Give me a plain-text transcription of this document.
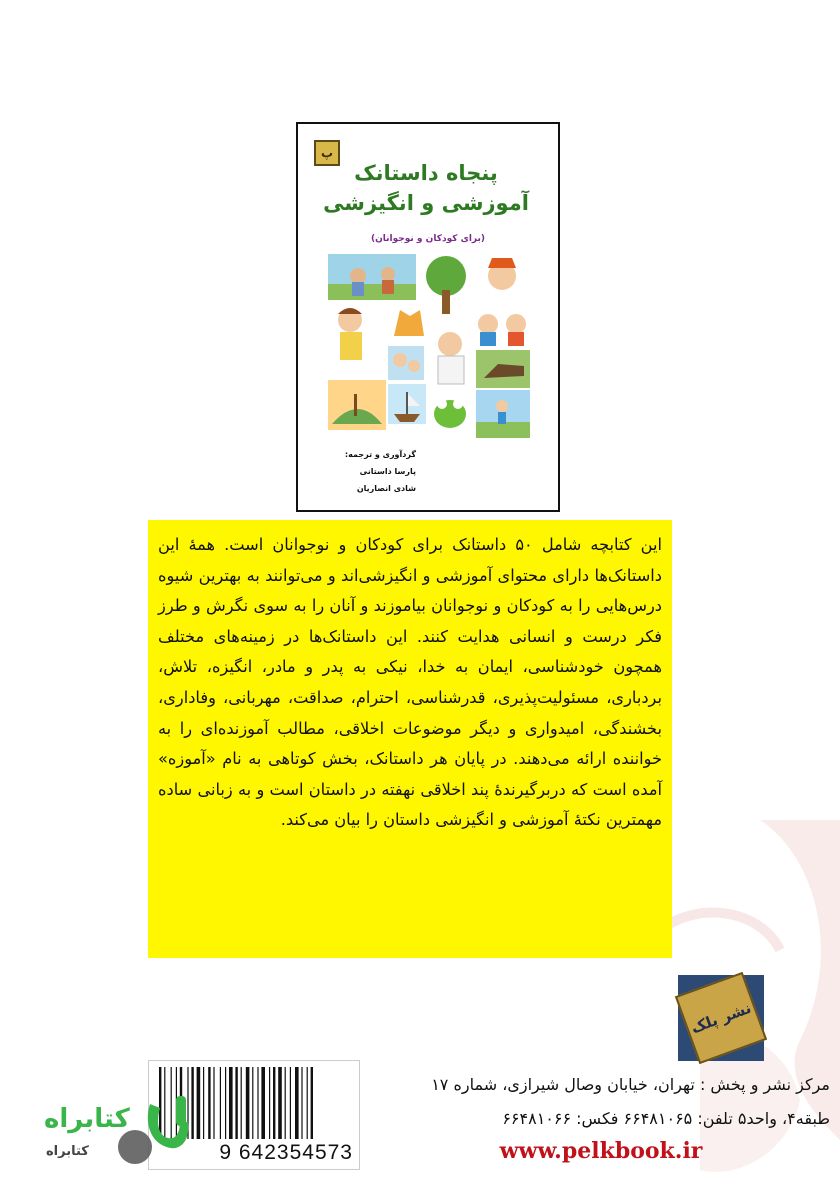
پ
پنجاه داستانک
آموزشی و انگیزشی
(برای کودکان و نوجوانان)
گردآوری و ترجمه:
پارسا داستانی
شادی انصاریان

این کتابچه شامل ۵۰ داستانک برای کودکان و نوجوانان است. همهٔ این داستانک‌ها دارای محتوای آموزشی و انگیزشی‌اند و می‌توانند به بهترین شیوه درس‌هایی را به کودکان و نوجوانان بیاموزند و آنان را به سوی نگرش و طرز فکر درست و انسانی هدایت کنند. این داستانک‌ها در زمینه‌های مختلف همچون خودشناسی، ایمان به خدا، نیکی به پدر و مادر، انگیزه، تلاش، بردباری، مسئولیت‌پذیری، قدرشناسی، احترام، صداقت، مهربانی، وفاداری، بخشندگی، امیدواری و دیگر موضوعات اخلاقی، مطالب آموزنده‌ای را به خواننده ارائه می‌دهند. در پایان هر داستانک، بخش کوتاهی به نام «آموزه» آمده است که دربرگیرندهٔ پند اخلاقی نهفته در داستان است و به زبانی ساده مهمترین نکتهٔ آموزشی و انگیزشی داستان را بیان می‌کند.

نشر پلک
9 642354573
مرکز نشر و پخش : تهران، خیابان وصال شیرازی، شماره ۱۷
طبقه۴، واحد۵ تلفن: ۶۶۴۸۱۰۶۵ فکس: ۶۶۴۸۱۰۶۶
www.pelkbook.ir
کتابراه
کتابراه
